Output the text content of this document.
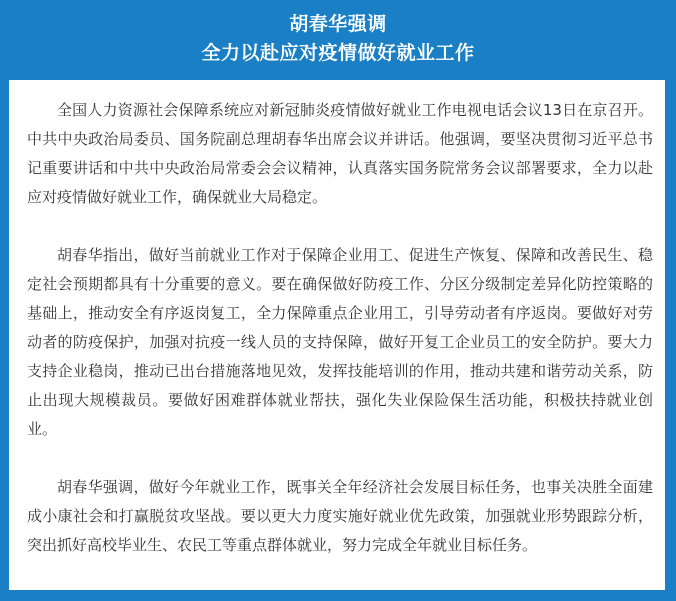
胡春华强调
全力以赴应对疫情做好就业工作

全国人力资源社会保障系统应对新冠肺炎疫情做好就业工作电视电话会议13日在京召开。中共中央政治局委员、国务院副总理胡春华出席会议并讲话。他强调，要坚决贯彻习近平总书记重要讲话和中共中央政治局常委会会议精神，认真落实国务院常务会议部署要求，全力以赴应对疫情做好就业工作，确保就业大局稳定。

胡春华指出，做好当前就业工作对于保障企业用工、促进生产恢复、保障和改善民生、稳定社会预期都具有十分重要的意义。要在确保做好防疫工作、分区分级制定差异化防控策略的基础上，推动安全有序返岗复工，全力保障重点企业用工，引导劳动者有序返岗。要做好对劳动者的防疫保护，加强对抗疫一线人员的支持保障，做好开复工企业员工的安全防护。要大力支持企业稳岗，推动已出台措施落地见效，发挥技能培训的作用，推动共建和谐劳动关系，防止出现大规模裁员。要做好困难群体就业帮扶，强化失业保险保生活功能，积极扶持就业创业。

胡春华强调，做好今年就业工作，既事关全年经济社会发展目标任务，也事关决胜全面建成小康社会和打赢脱贫攻坚战。要以更大力度实施好就业优先政策，加强就业形势跟踪分析，突出抓好高校毕业生、农民工等重点群体就业，努力完成全年就业目标任务。
